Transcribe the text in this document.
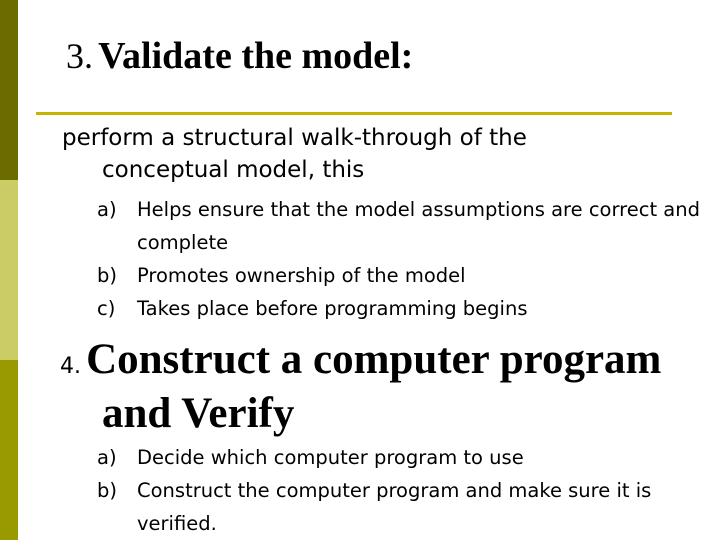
3. Validate the model:
perform a structural walk-through of the
conceptual model, this
a) Helps ensure that the model assumptions are correct and complete
b) Promotes ownership of the model
c) Takes place before programming begins
4. Construct a computer program
and Verify
a) Decide which computer program to use
b) Construct the computer program and make sure it is verified.
